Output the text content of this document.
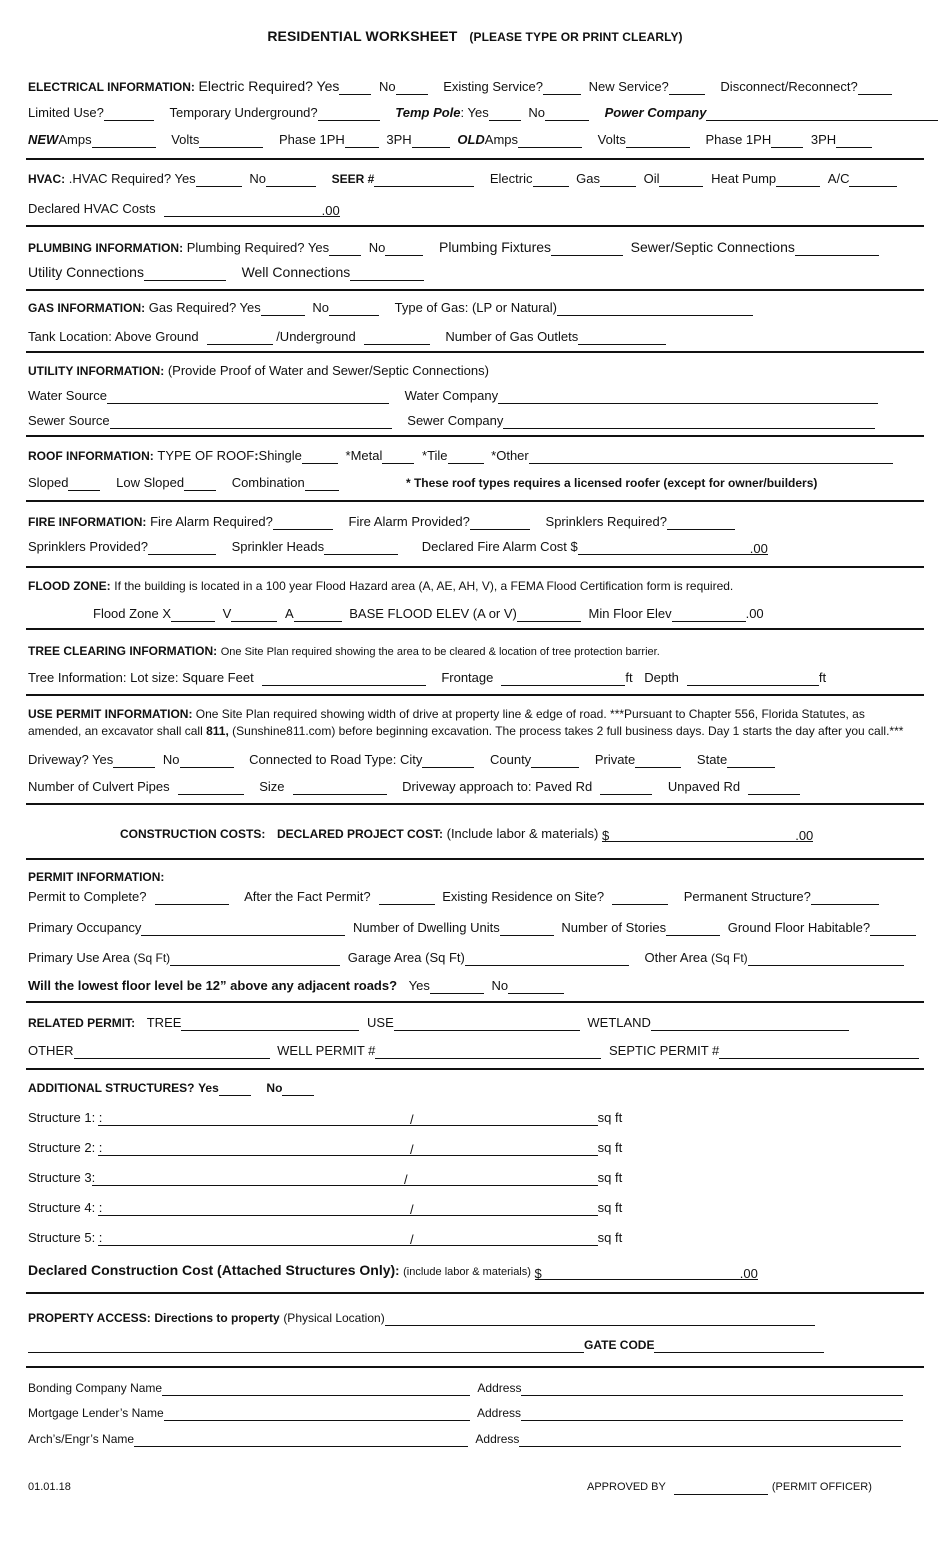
RESIDENTIAL WORKSHEET (PLEASE TYPE OR PRINT CLEARLY)
ELECTRICAL INFORMATION: Electric Required? Yes	No	Existing Service?	New Service?	Disconnect/Reconnect?
Limited Use?	Temporary Underground?	Temp Pole: Yes	No	Power Company
NEWAmps	Volts	Phase 1PH	3PH	OLDAmps	Volts	Phase 1PH	3PH
HVAC: .HVAC Required? Yes	No	SEER #	Electric	Gas	Oil	Heat Pump	A/C
Declared HVAC Costs	.00
PLUMBING INFORMATION: Plumbing Required? Yes	No	Plumbing Fixtures	Sewer/Septic Connections
Utility Connections	Well Connections
GAS INFORMATION: Gas Required? Yes	No	Type of Gas: (LP or Natural)
Tank Location: Above Ground	/Underground	Number of Gas Outlets
UTILITY INFORMATION: (Provide Proof of Water and Sewer/Septic Connections)
Water Source	Water Company
Sewer Source	Sewer Company
ROOF INFORMATION: TYPE OF ROOF:Shingle	*Metal	*Tile	*Other
Sloped	Low Sloped	Combination	* These roof types requires a licensed roofer (except for owner/builders)
FIRE INFORMATION: Fire Alarm Required?	Fire Alarm Provided?	Sprinklers Required?
Sprinklers Provided?	Sprinkler Heads	Declared Fire Alarm Cost $	.00
FLOOD ZONE: If the building is located in a 100 year Flood Hazard area (A, AE, AH, V), a FEMA Flood Certification form is required.
Flood Zone X	V	A	BASE FLOOD ELEV (A or V)	Min Floor Elev	.00
TREE CLEARING INFORMATION: One Site Plan required showing the area to be cleared & location of tree protection barrier.
Tree Information: Lot size: Square Feet	Frontage	ft Depth	ft
USE PERMIT INFORMATION: One Site Plan required showing width of drive at property line & edge of road. ***Pursuant to Chapter 556, Florida Statutes, as
amended, an excavator shall call 811, (Sunshine811.com) before beginning excavation. The process takes 2 full business days. Day 1 starts the day after you call.***
Driveway? Yes	No	Connected to Road Type: City	County	Private	State
Number of Culvert Pipes	Size	Driveway approach to: Paved Rd	Unpaved Rd
CONSTRUCTION COSTS: DECLARED PROJECT COST: (Include labor & materials) $	.00
PERMIT INFORMATION:
Permit to Complete?	After the Fact Permit?	Existing Residence on Site?	Permanent Structure?
Primary Occupancy	Number of Dwelling Units	Number of Stories	Ground Floor Habitable?
Primary Use Area (Sq Ft)	Garage Area (Sq Ft)	Other Area (Sq Ft)
Will the lowest floor level be 12” above any adjacent roads? Yes	No
RELATED PERMIT: TREE	USE	WETLAND
OTHER	WELL PERMIT #	SEPTIC PERMIT #
ADDITIONAL STRUCTURES? Yes	No
Structure 1: :	/	sq ft
Structure 2: :	/	sq ft
Structure 3:	/	sq ft
Structure 4: :	/	sq ft
Structure 5: :	/	sq ft
Declared Construction Cost (Attached Structures Only): (include labor & materials) $	.00
PROPERTY ACCESS: Directions to property (Physical Location)
GATE CODE
Bonding Company Name	Address
Mortgage Lender’s Name	Address
Arch’s/Engr’s Name	Address
01.01.18	APPROVED BY	(PERMIT OFFICER)
